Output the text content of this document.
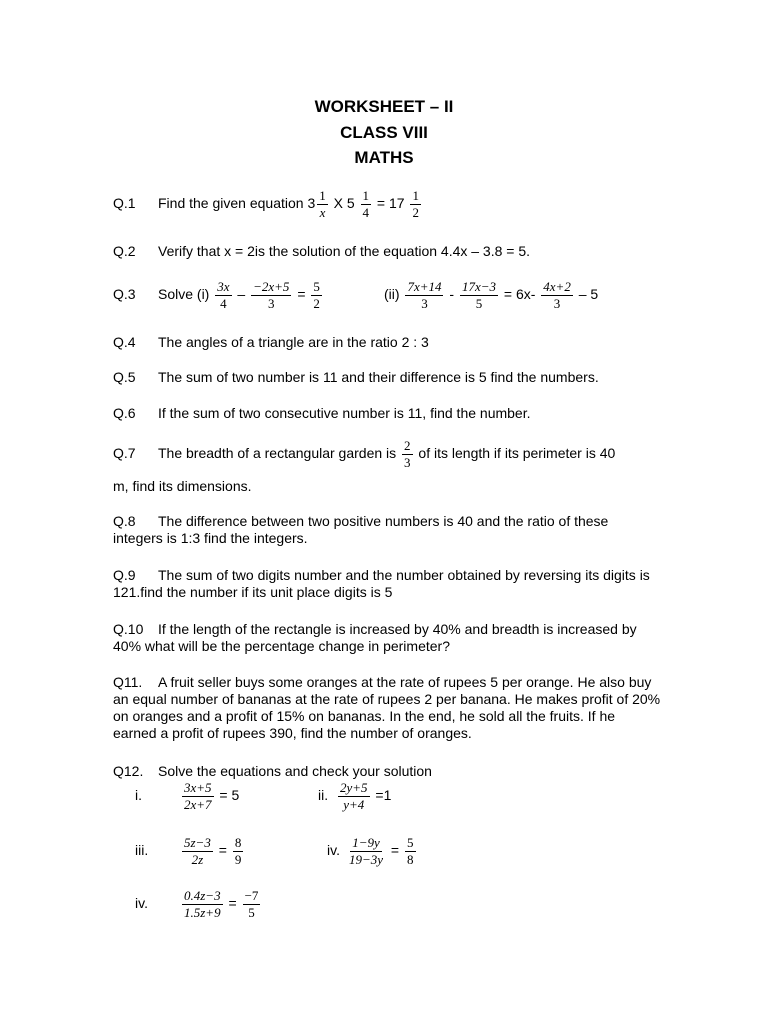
WORKSHEET – II
CLASS VIII
MATHS
Q.1 Find the given equation $3 \frac{1}{x}$ X $5 \frac{1}{4} = 17 \frac{1}{2}$
Q.2 Verify that x = 2is the solution of the equation 4.4x – 3.8 = 5.
Q.3 Solve $(i) \frac{3x}{4} - \frac{-2x+5}{3} = \frac{5}{2}$	$(ii) \frac{7x+14}{3} - \frac{17x-3}{5} = 6x- \frac{4x+2}{3} - 5$
Q.4 The angles of a triangle are in the ratio 2 : 3
Q.5 The sum of two number is 11 and their difference is 5 find the numbers.
Q.6 If the sum of two consecutive number is 11, find the number.
Q.7 The breadth of a rectangular garden is $\frac{2}{3}$ of its length if its perimeter is 40
m, find its dimensions.
Q.8 The difference between two positive numbers is 40 and the ratio of these integers is 1:3 find the integers.
Q.9 The sum of two digits number and the number obtained by reversing its digits is 121.find the number if its unit place digits is 5
Q.10 If the length of the rectangle is increased by 40% and breadth is increased by 40% what will be the percentage change in perimeter?
Q11. A fruit seller buys some oranges at the rate of rupees 5 per orange. He also buy an equal number of bananas at the rate of rupees 2 per banana. He makes profit of 20% on oranges and a profit of 15% on bananas. In the end, he sold all the fruits. If he earned a profit of rupees 390, find the number of oranges.
Q12. Solve the equations and check your solution
i.	$\frac{3x+5}{2x+7} = 5$	ii. $\frac{2y+5}{y+4} =1$
iii.	$\frac{5z-3}{2z} = \frac{8}{9}$	iv. $\frac{1-9y}{19-3y} = \frac{5}{8}$
iv.	$\frac{0.4z-3}{1.5z+9} = \frac{-7}{5}$
